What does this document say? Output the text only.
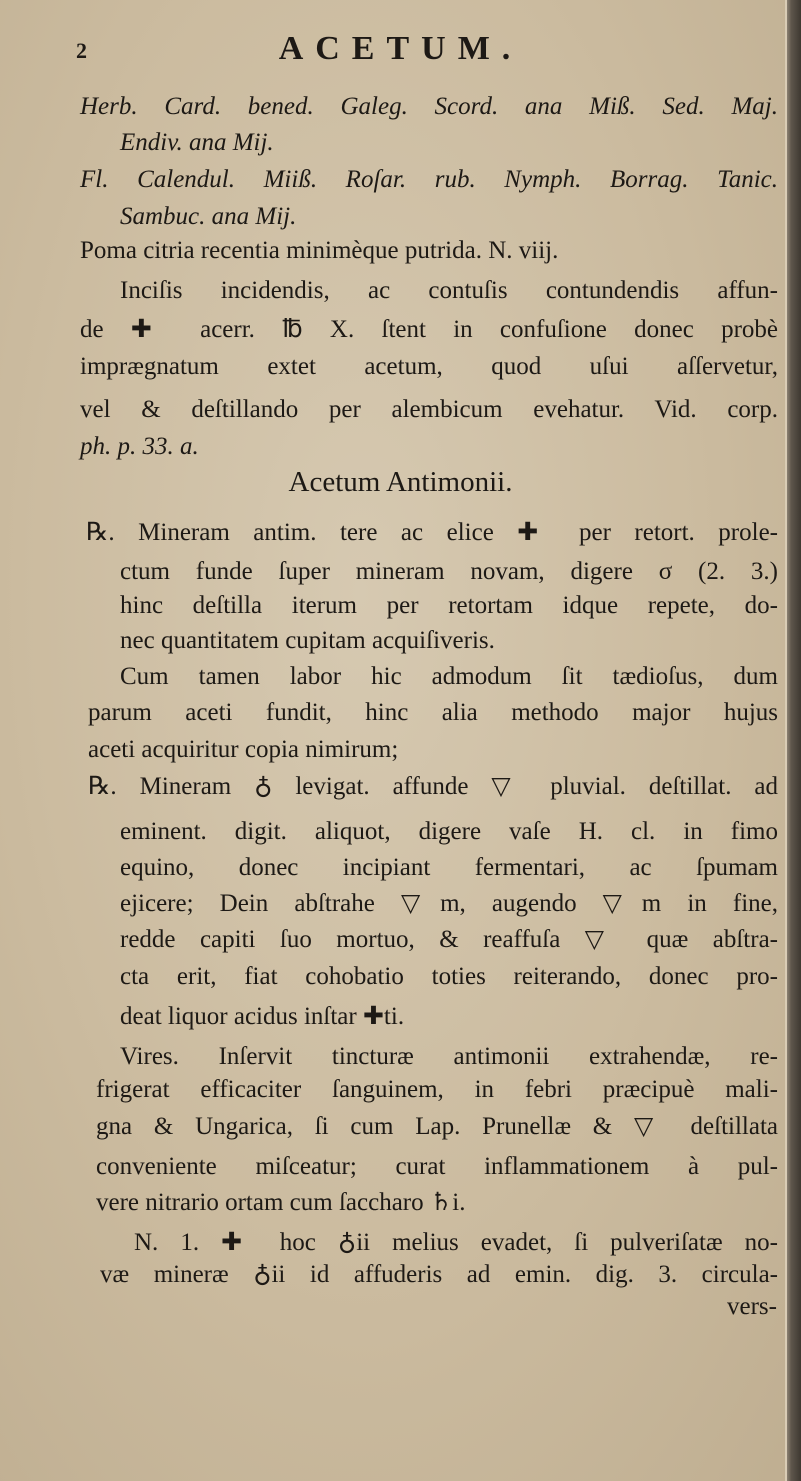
2	ACETUM.
Herb. Card. bened. Galeg. Scord. ana Miß. Sed. Maj.
Endiv. ana Mij.
Fl. Calendul. Miiß. Roſar. rub. Nymph. Borrag. Tanic.
Sambuc. ana Mij.
Poma citria recentia minimèque putrida. N. viij.
Inciſis incidendis, ac contuſis contundendis affun-
de ✚ acerr. ℔ X. ſtent in confuſione donec probè
imprægnatum extet acetum, quod uſui aſſervetur,
vel & deſtillando per alembicum evehatur. Vid. corp.
ph. p. 33. a.
Acetum Antimonii.
℞. Mineram antim. tere ac elice ✚ per retort. prole-
ctum funde ſuper mineram novam, digere σ (2. 3.)
hinc deſtilla iterum per retortam idque repete, do-
nec quantitatem cupitam acquiſiveris.
Cum tamen labor hic admodum ſit tædioſus, dum
parum aceti fundit, hinc alia methodo major hujus
aceti acquiritur copia nimirum;
℞. Mineram ♁ levigat. affunde ▽ pluvial. deſtillat. ad
eminent. digit. aliquot, digere vaſe H. cl. in fimo
equino, donec incipiant fermentari, ac ſpumam
ejicere; Dein abſtrahe ▽m, augendo ▽m in fine,
redde capiti ſuo mortuo, & reaffuſa ▽ quæ abſtra-
cta erit, fiat cohobatio toties reiterando, donec pro-
deat liquor acidus inſtar ✚ti.
Vires. Inſervit tincturæ antimonii extrahendæ, re-
frigerat efficaciter ſanguinem, in febri præcipuè mali-
gna & Ungarica, ſi cum Lap. Prunellæ & ▽ deſtillata
conveniente miſceatur; curat inflammationem à pul-
vere nitrario ortam cum ſaccharo ♄i.
N. 1. ✚ hoc ♁ii melius evadet, ſi pulveriſatæ no-
væ mineræ ♁ii id affuderis ad emin. dig. 3. circula-
vers-
